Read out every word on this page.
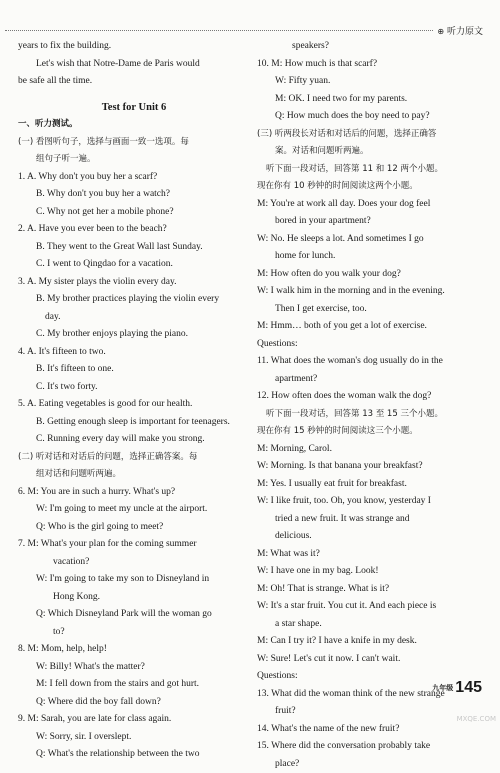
⊕ 听力原文
years to fix the building.
Let's wish that Notre-Dame de Paris would
be safe all the time.
Test for Unit 6
一、听力测试。
(一) 看图听句子，选择与画面一致一选项。每
组句子听一遍。
1. A. Why don't you buy her a scarf?
B. Why don't you buy her a watch?
C. Why not get her a mobile phone?
2. A. Have you ever been to the beach?
B. They went to the Great Wall last Sunday.
C. I went to Qingdao for a vacation.
3. A. My sister plays the violin every day.
B. My brother practices playing the violin every
day.
C. My brother enjoys playing the piano.
4. A. It's fifteen to two.
B. It's fifteen to one.
C. It's two forty.
5. A. Eating vegetables is good for our health.
B. Getting enough sleep is important for teenagers.
C. Running every day will make you strong.
(二) 听对话和对话后的问题，选择正确答案。每
组对话和问题听两遍。
6. M: You are in such a hurry. What's up?
W: I'm going to meet my uncle at the airport.
Q: Who is the girl going to meet?
7. M: What's your plan for the coming summer
vacation?
W: I'm going to take my son to Disneyland in
Hong Kong.
Q: Which Disneyland Park will the woman go
to?
8. M: Mom, help, help!
W: Billy! What's the matter?
M: I fell down from the stairs and got hurt.
Q: Where did the boy fall down?
9. M: Sarah, you are late for class again.
W: Sorry, sir. I overslept.
Q: What's the relationship between the two
speakers?
10. M: How much is that scarf?
W: Fifty yuan.
M: OK. I need two for my parents.
Q: How much does the boy need to pay?
(三) 听两段长对话和对话后的问题，选择正确答
案。对话和问题听两遍。
听下面一段对话，回答第 11 和 12 两个小题。
现在你有 10 秒钟的时间阅读这两个小题。
M: You're at work all day. Does your dog feel
bored in your apartment?
W: No. He sleeps a lot. And sometimes I go
home for lunch.
M: How often do you walk your dog?
W: I walk him in the morning and in the evening.
Then I get exercise, too.
M: Hmm… both of you get a lot of exercise.
Questions:
11. What does the woman's dog usually do in the
apartment?
12. How often does the woman walk the dog?
听下面一段对话，回答第 13 至 15 三个小题。
现在你有 15 秒钟的时间阅读这三个小题。
M: Morning, Carol.
W: Morning. Is that banana your breakfast?
M: Yes. I usually eat fruit for breakfast.
W: I like fruit, too. Oh, you know, yesterday I
tried a new fruit. It was strange and
delicious.
M: What was it?
W: I have one in my bag. Look!
M: Oh! That is strange. What is it?
W: It's a star fruit. You cut it. And each piece is
a star shape.
M: Can I try it? I have a knife in my desk.
W: Sure! Let's cut it now. I can't wait.
Questions:
13. What did the woman think of the new strange
fruit?
14. What's the name of the new fruit?
15. Where did the conversation probably take
place?
九年级 145
MXQE.COM
